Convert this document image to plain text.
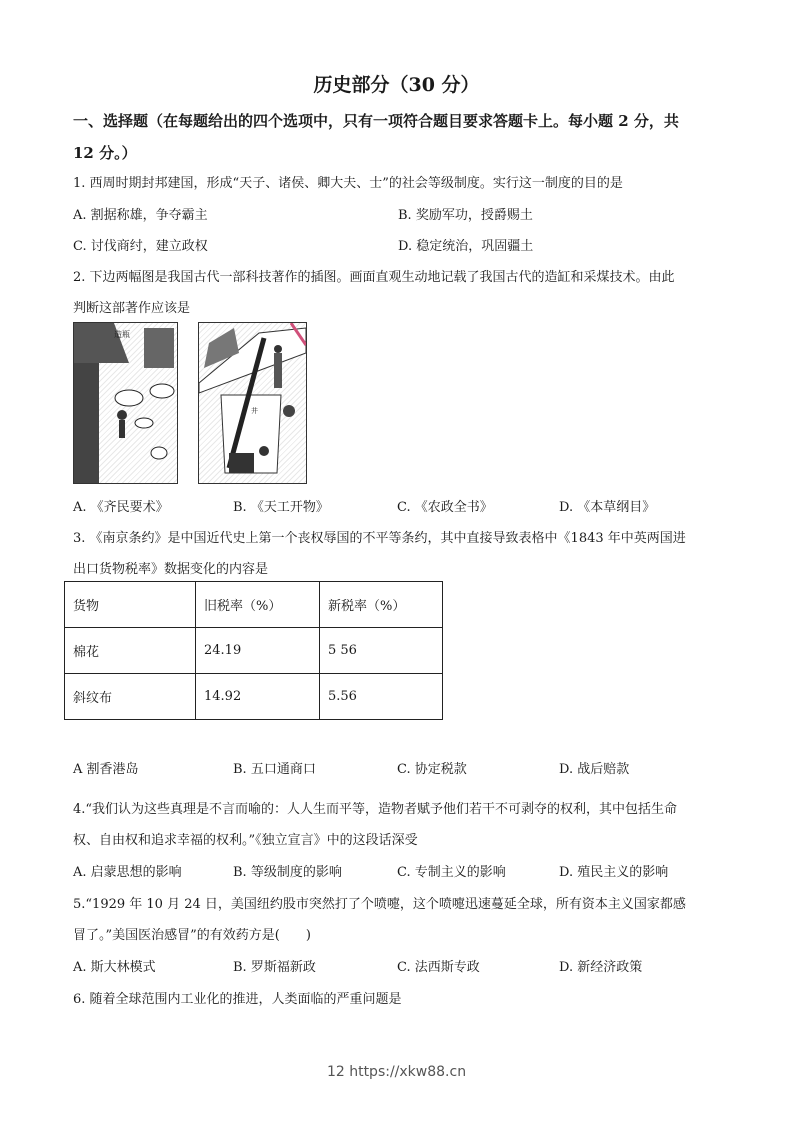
历史部分（30 分）
一、选择题（在每题给出的四个选项中，只有一项符合题目要求答题卡上。每小题 2 分，共
12 分。）
1. 西周时期封邦建国，形成“天子、诸侯、卿大夫、士”的社会等级制度。实行这一制度的目的是
A. 割据称雄，争夺霸主	B. 奖励军功，授爵赐土
C. 讨伐商纣，建立政权	D. 稳定统治，巩固疆土
2. 下边两幅图是我国古代一部科技著作的插图。画面直观生动地记载了我国古代的造缸和采煤技术。由此
判断这部著作应该是
造瓶
井
A. 《齐民要术》	B. 《天工开物》	C. 《农政全书》	D. 《本草纲目》
3. 《南京条约》是中国近代史上第一个丧权辱国的不平等条约，其中直接导致表格中《1843 年中英两国进
出口货物税率》数据变化的内容是
货物	旧税率（%）	新税率（%）
棉花	24.19	5 56
斜纹布	14.92	5.56
A 割香港岛	B. 五口通商口	C. 协定税款	D. 战后赔款
4.“我们认为这些真理是不言而喻的：人人生而平等，造物者赋予他们若干不可剥夺的权利，其中包括生命
权、自由权和追求幸福的权利。”《独立宣言》中的这段话深受
A. 启蒙思想的影响	B. 等级制度的影响	C. 专制主义的影响	D. 殖民主义的影响
5.“1929 年 10 月 24 日，美国纽约股市突然打了个喷嚏，这个喷嚏迅速蔓延全球，所有资本主义国家都感
冒了。”美国医治感冒”的有效药方是(　　)
A. 斯大林模式	B. 罗斯福新政	C. 法西斯专政	D. 新经济政策
6. 随着全球范围内工业化的推进，人类面临的严重问题是
12 https://xkw88.cn
